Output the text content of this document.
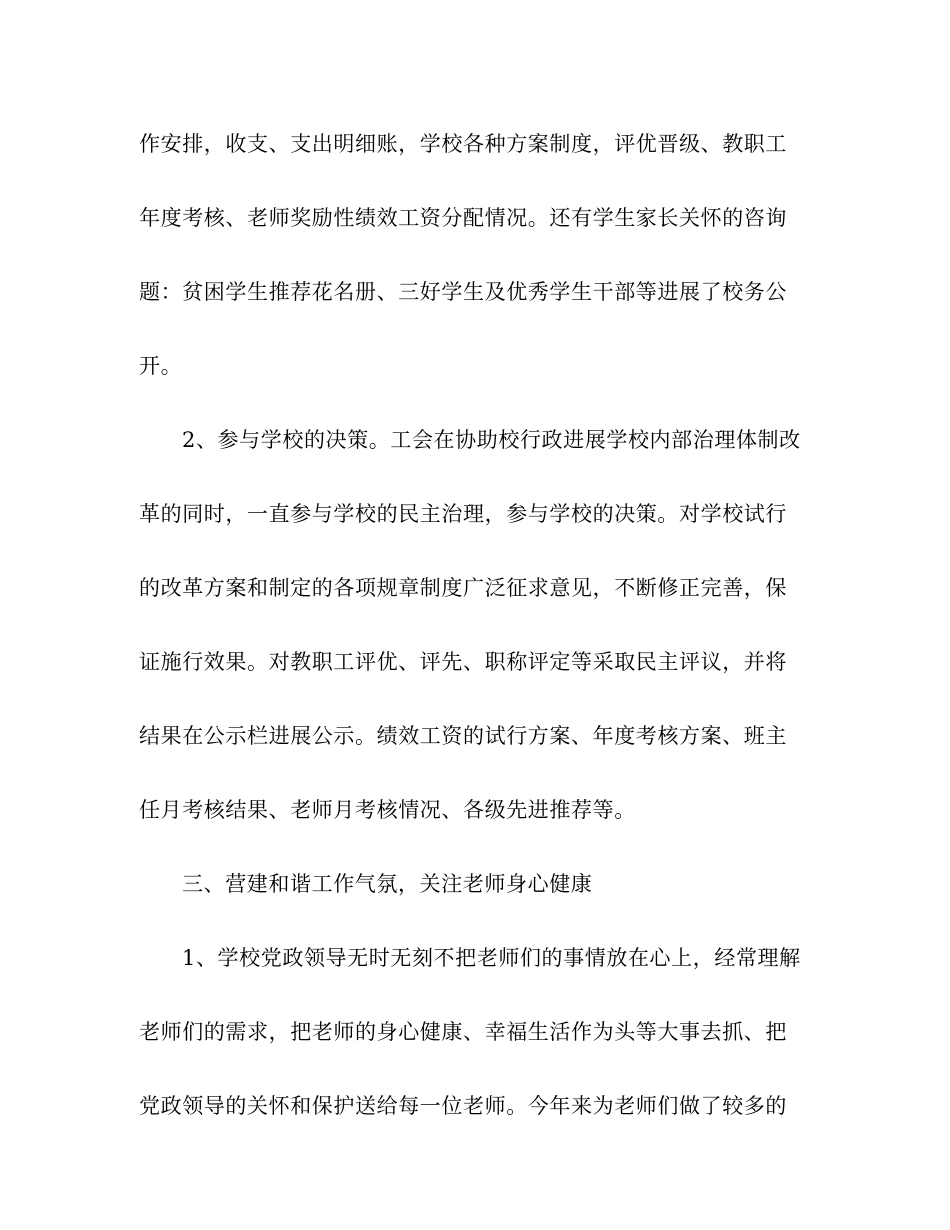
作安排，收支、支出明细账，学校各种方案制度，评优晋级、教职工
年度考核、老师奖励性绩效工资分配情况。还有学生家长关怀的咨询
题：贫困学生推荐花名册、三好学生及优秀学生干部等进展了校务公
开。
2、参与学校的决策。工会在协助校行政进展学校内部治理体制改
革的同时，一直参与学校的民主治理，参与学校的决策。对学校试行
的改革方案和制定的各项规章制度广泛征求意见，不断修正完善，保
证施行效果。对教职工评优、评先、职称评定等采取民主评议，并将
结果在公示栏进展公示。绩效工资的试行方案、年度考核方案、班主
任月考核结果、老师月考核情况、各级先进推荐等。
三、营建和谐工作气氛，关注老师身心健康
1、学校党政领导无时无刻不把老师们的事情放在心上，经常理解
老师们的需求，把老师的身心健康、幸福生活作为头等大事去抓、把
党政领导的关怀和保护送给每一位老师。今年来为老师们做了较多的
